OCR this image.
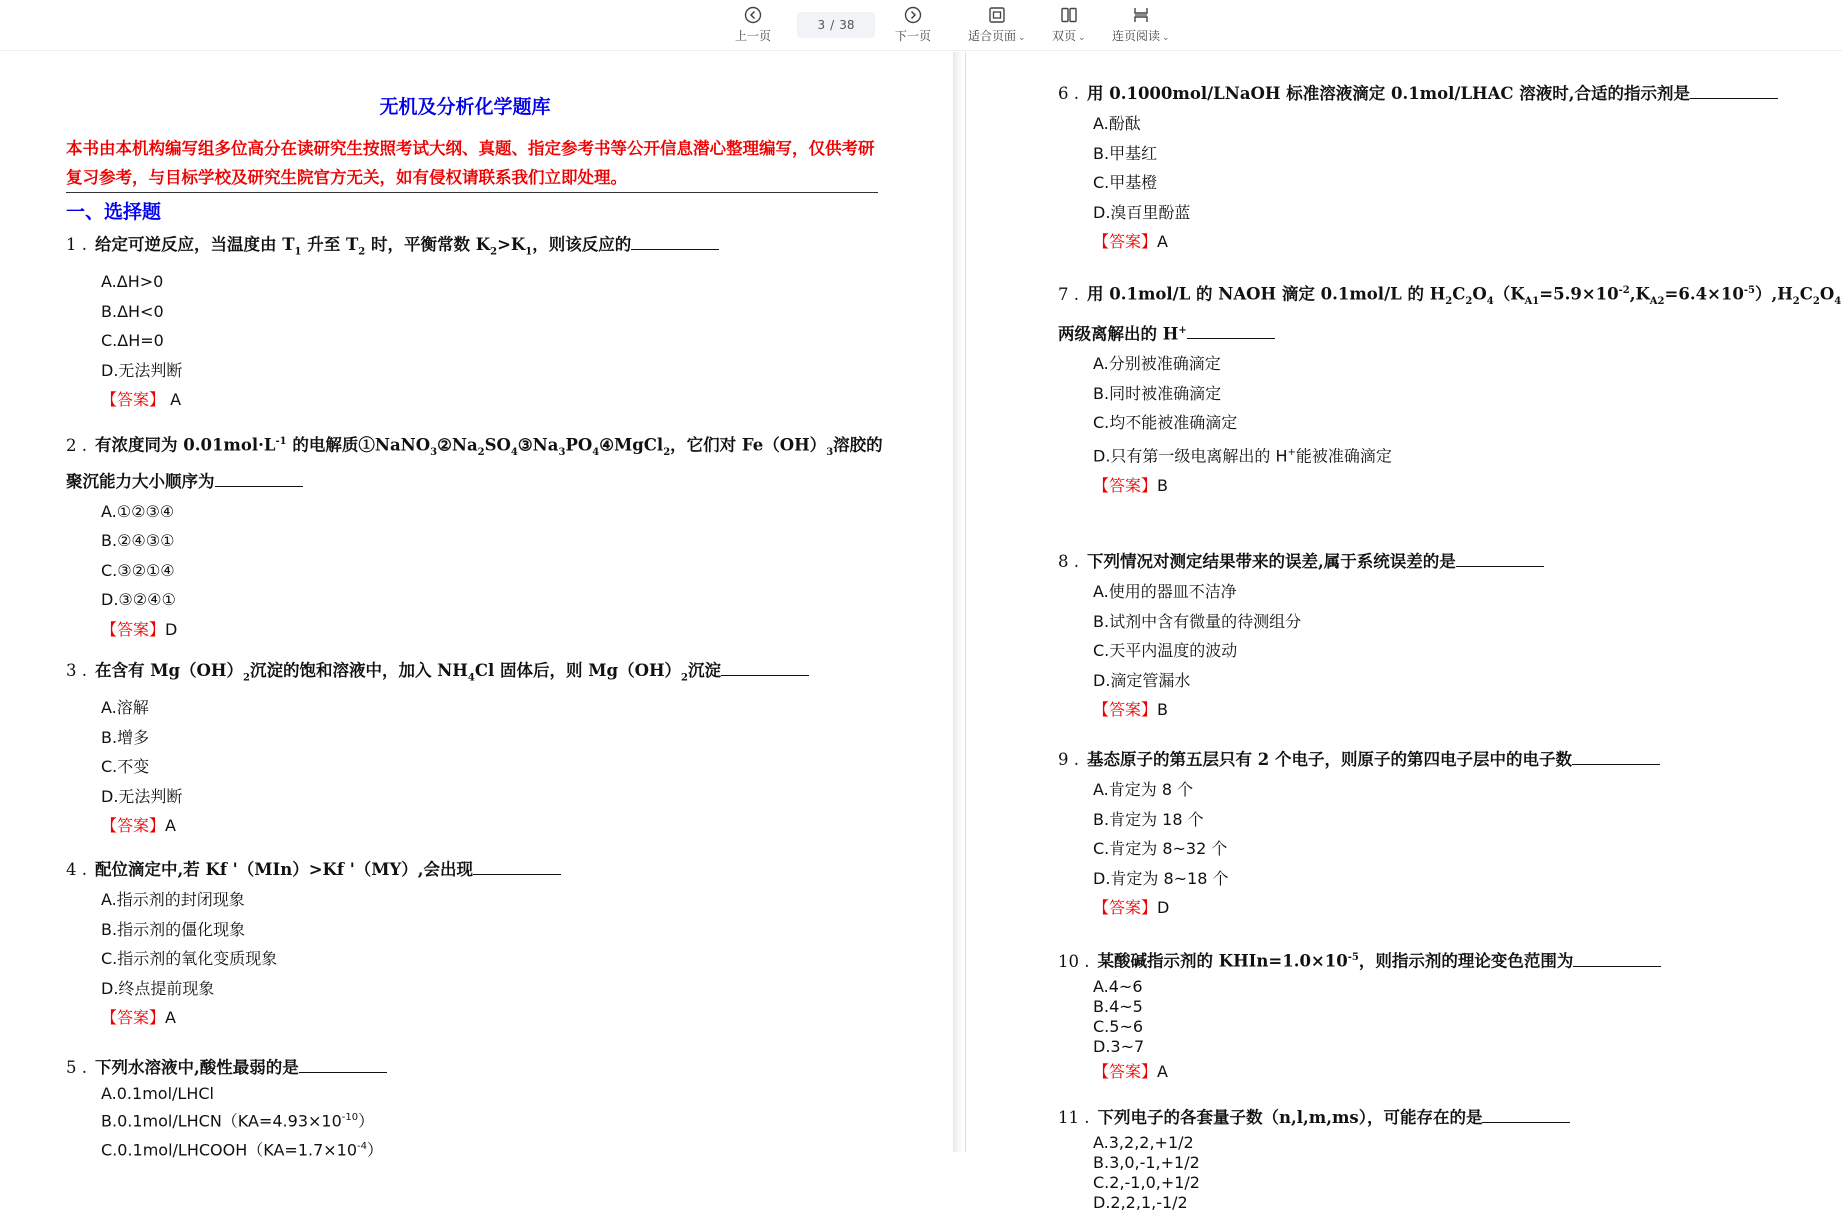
上一页
3 / 38
下一页	适合页面 ⌄ 双页 ⌄ 连页阅读 ⌄
无机及分析化学题库
本书由本机构编写组多位高分在读研究生按照考试大纲、真题、指定参考书等公开信息潜心整理编写，仅供考研复习参考，与目标学校及研究生院官方无关，如有侵权请联系我们立即处理。
一、选择题
1 . 给定可逆反应，当温度由 $T_1$ 升至 $T_2$ 时，平衡常数 $K_2>K_1$，则该反应的
A.ΔH>0
B.ΔH<0
C.ΔH=0
D.无法判断
【答案】 A
2 . 有浓度同为 $0.01mol\cdot L^{-1}$ 的电解质$①NaNO_3②Na_2SO_4③Na_3PO_4④MgCl_2$，它们对 $Fe(OH)_3$溶胶的聚沉能力大小顺序为
A.①②③④
B.②④③①
C.③②①④
D.③②④①
【答案】D
3 . 在含有 $Mg(OH)_2$沉淀的饱和溶液中，加入 $NH_4Cl$ 固体后，则 $Mg(OH)_2$沉淀
A.溶解
B.增多
C.不变
D.无法判断
【答案】A
4 . 配位滴定中,若 Kf '（MIn）>Kf '（MY）,会出现
A.指示剂的封闭现象
B.指示剂的僵化现象
C.指示剂的氧化变质现象
D.终点提前现象
【答案】A
5 . 下列水溶液中,酸性最弱的是
A.0.1mol/LHCl
$B.0.1mol/LHCN(KA=4.93\times 10^{-10})$
$C.0.1mol/LHCOOH(KA=1.7\times 10^{-4})$
6 . 用 0.1000mol/LNaOH 标准溶液滴定 0.1mol/LHAC 溶液时,合适的指示剂是
A.酚酞
B.甲基红
C.甲基橙
D.溴百里酚蓝
【答案】A
7 . 用 0.1mol/L 的 NAOH 滴定 0.1mol/L 的 $H_2C_2O_4(K_{A1}=5.9\times 10^{-2},K_{A2}=6.4\times 10^{-5}),H_2C_2O_4$ 两级离解出的 H+
A.分别被准确滴定
B.同时被准确滴定
C.均不能被准确滴定
D.只有第一级电离解出的 H+能被准确滴定
【答案】B
8 . 下列情况对测定结果带来的误差,属于系统误差的是
A.使用的器皿不洁净
B.试剂中含有微量的待测组分
C.天平内温度的波动
D.滴定管漏水
【答案】B
9 . 基态原子的第五层只有 2 个电子，则原子的第四电子层中的电子数
A.肯定为 8 个
B.肯定为 18 个
C.肯定为 8~32 个
D.肯定为 8~18 个
【答案】D
10 . 某酸碱指示剂的 $KHIn=1.0\times 10^{-5}$，则指示剂的理论变色范围为
A.4~6
B.4~5
C.5~6
D.3~7
【答案】A
11 . 下列电子的各套量子数（n,l,m,ms），可能存在的是
A.3,2,2,+1/2
B.3,0,-1,+1/2
C.2,-1,0,+1/2
D.2,2,1,-1/2
